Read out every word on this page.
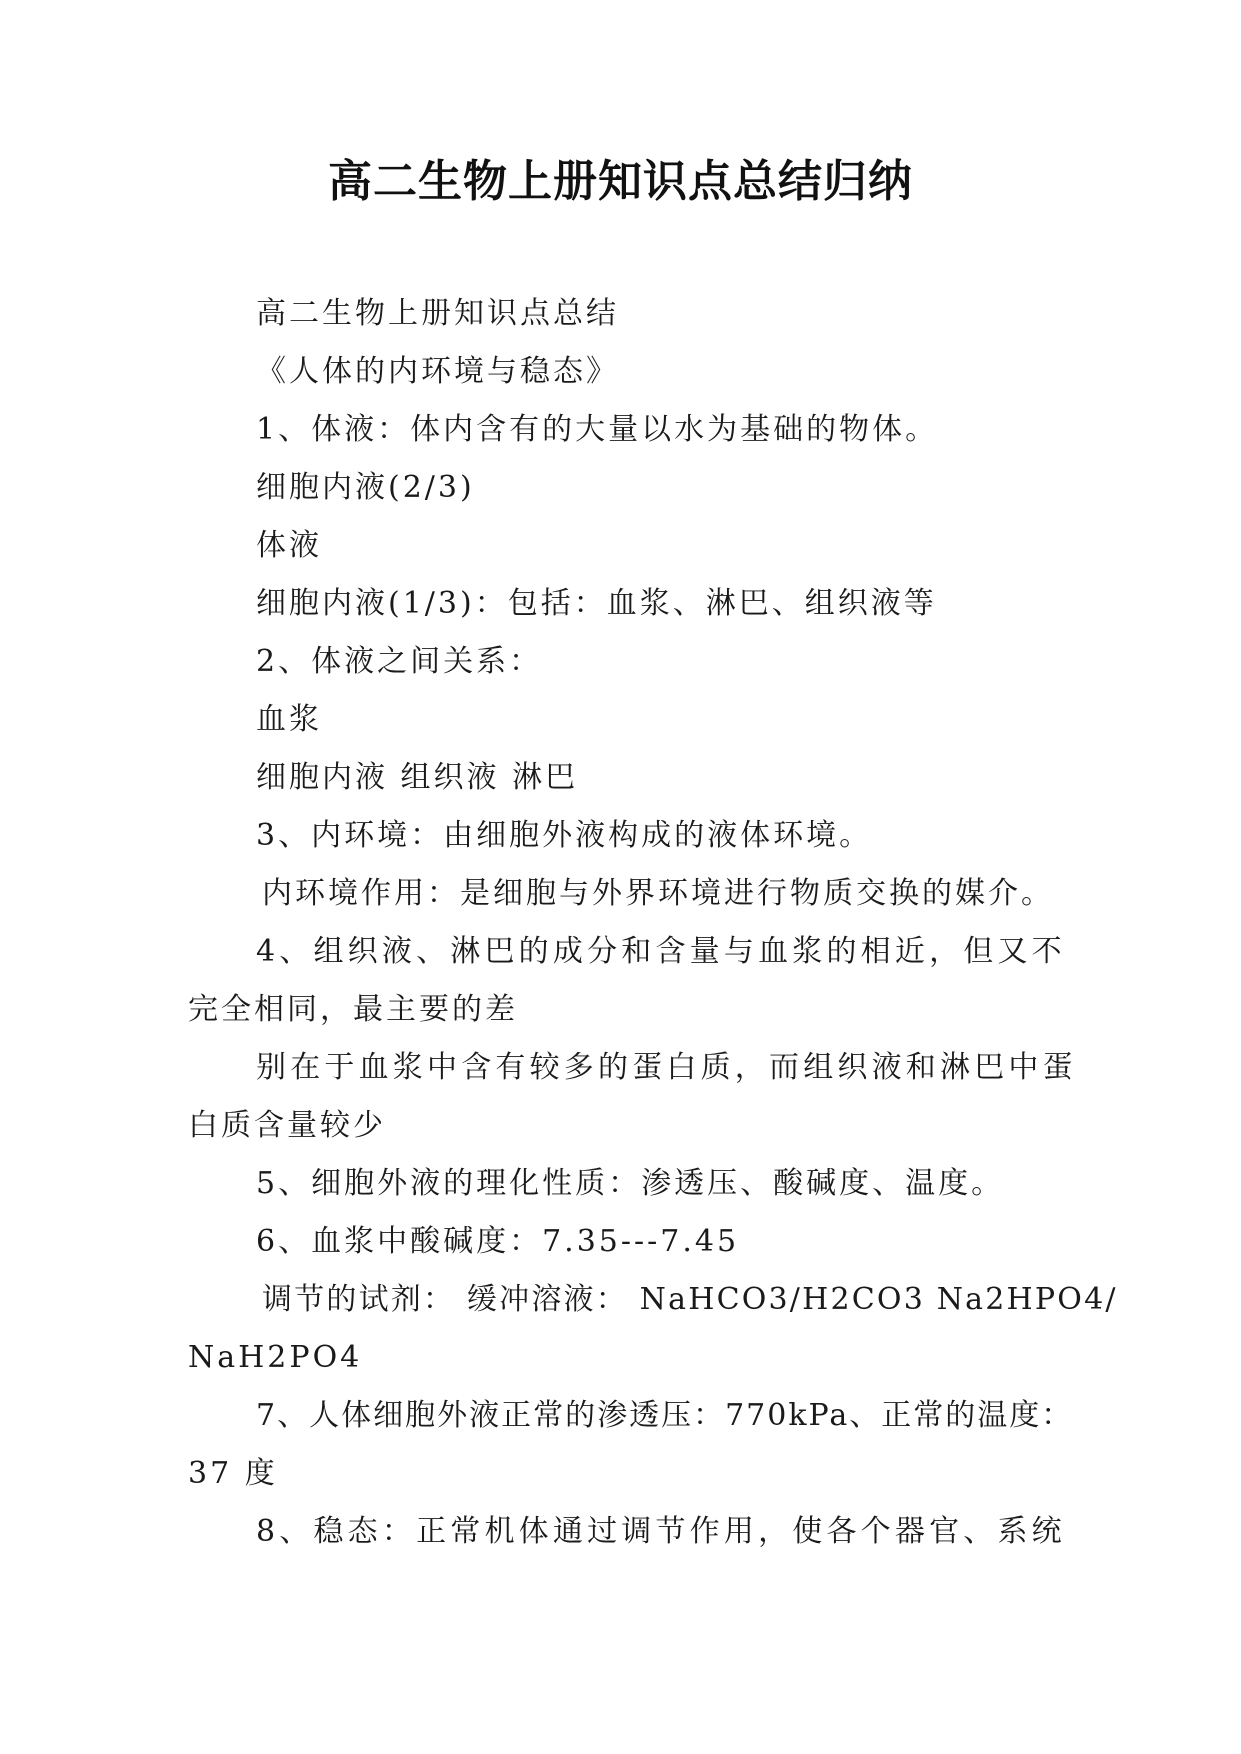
高二生物上册知识点总结归纳
高二生物上册知识点总结
《人体的内环境与稳态》
1、体液：体内含有的大量以水为基础的物体。
细胞内液(2/3)
体液
细胞内液(1/3)：包括：血浆、淋巴、组织液等
2、体液之间关系：
血浆
细胞内液 组织液 淋巴
3、内环境：由细胞外液构成的液体环境。
内环境作用：是细胞与外界环境进行物质交换的媒介。
4、组织液、淋巴的成分和含量与血浆的相近，但又不
完全相同，最主要的差
别在于血浆中含有较多的蛋白质，而组织液和淋巴中蛋
白质含量较少
5、细胞外液的理化性质：渗透压、酸碱度、温度。
6、血浆中酸碱度：7.35---7.45
调节的试剂： 缓冲溶液： NaHCO3/H2CO3 Na2HPO4/
NaH2PO4
7、人体细胞外液正常的渗透压：770kPa、正常的温度：
37 度
8、稳态：正常机体通过调节作用，使各个器官、系统
